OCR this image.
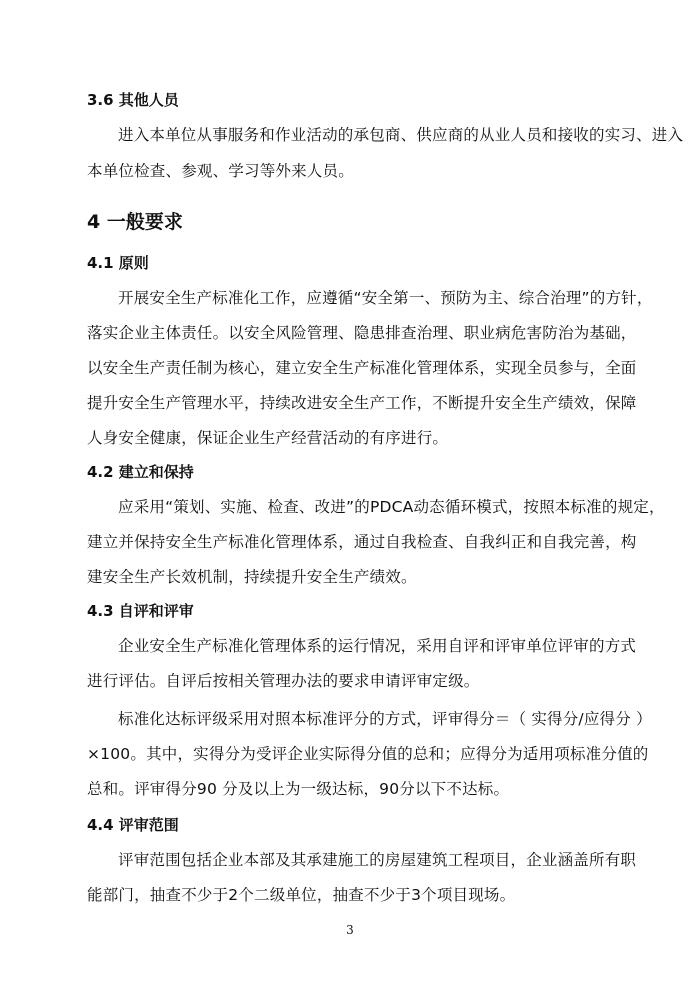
3.6 其他人员
进入本单位从事服务和作业活动的承包商、供应商的从业人员和接收的实习、进入
本单位检查、参观、学习等外来人员。
4 一般要求
4.1 原则
开展安全生产标准化工作，应遵循“安全第一、预防为主、综合治理”的方针，
落实企业主体责任。以安全风险管理、隐患排查治理、职业病危害防治为基础，
以安全生产责任制为核心，建立安全生产标准化管理体系，实现全员参与，全面
提升安全生产管理水平，持续改进安全生产工作，不断提升安全生产绩效，保障
人身安全健康，保证企业生产经营活动的有序进行。
4.2 建立和保持
应采用“策划、实施、检查、改进”的PDCA动态循环模式，按照本标准的规定，
建立并保持安全生产标准化管理体系，通过自我检查、自我纠正和自我完善，构
建安全生产长效机制，持续提升安全生产绩效。
4.3 自评和评审
企业安全生产标准化管理体系的运行情况，采用自评和评审单位评审的方式
进行评估。自评后按相关管理办法的要求申请评审定级。
标准化达标评级采用对照本标准评分的方式，评审得分＝（ 实得分/应得分 ）
×100。其中，实得分为受评企业实际得分值的总和；应得分为适用项标准分值的
总和。评审得分90 分及以上为一级达标，90分以下不达标。
4.4 评审范围
评审范围包括企业本部及其承建施工的房屋建筑工程项目，企业涵盖所有职
能部门，抽查不少于2个二级单位，抽查不少于3个项目现场。
3
